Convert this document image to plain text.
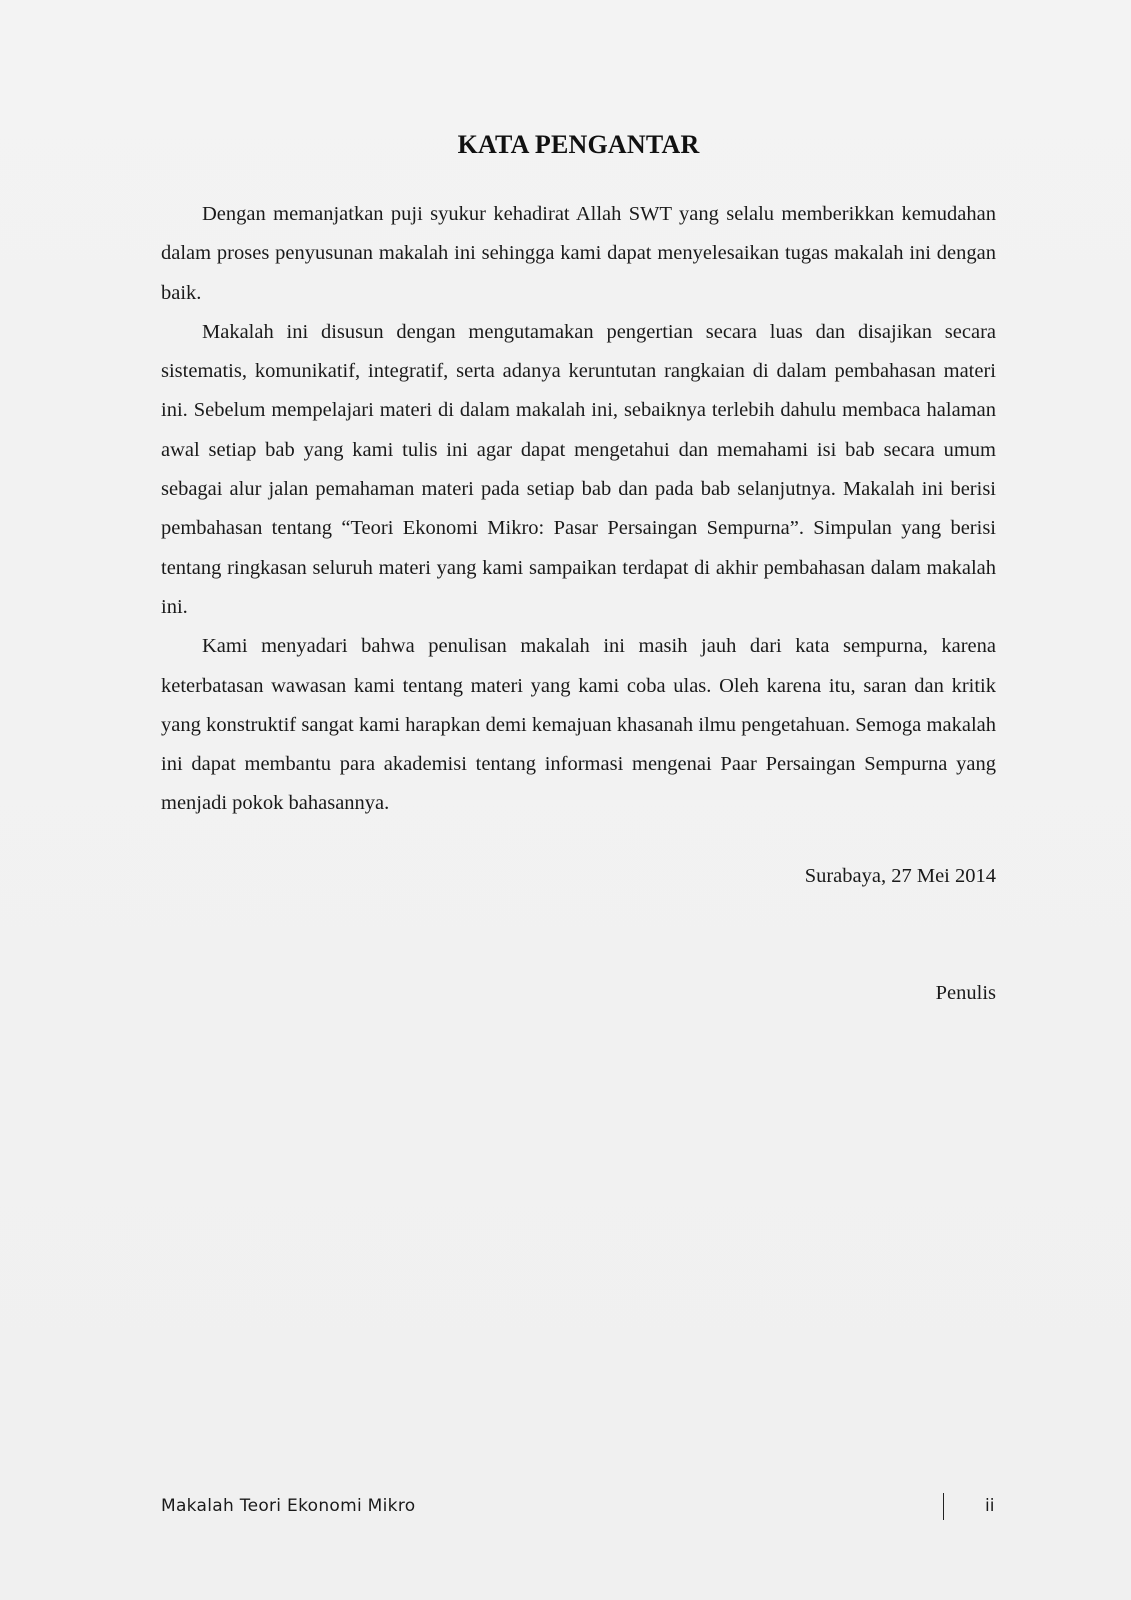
KATA PENGANTAR

Dengan memanjatkan puji syukur kehadirat Allah SWT yang selalu memberikkan kemudahan dalam proses penyusunan makalah ini sehingga kami dapat menyelesaikan tugas makalah ini dengan baik.

Makalah ini disusun dengan mengutamakan pengertian secara luas dan disajikan secara sistematis, komunikatif, integratif, serta adanya keruntutan rangkaian di dalam pembahasan materi ini. Sebelum mempelajari materi di dalam makalah ini, sebaiknya terlebih dahulu membaca halaman awal setiap bab yang kami tulis ini agar dapat mengetahui dan memahami isi bab secara umum sebagai alur jalan pemahaman materi pada setiap bab dan pada bab selanjutnya. Makalah ini berisi pembahasan tentang “Teori Ekonomi Mikro: Pasar Persaingan Sempurna”. Simpulan yang berisi tentang ringkasan seluruh materi yang kami sampaikan terdapat di akhir pembahasan dalam makalah ini.

Kami menyadari bahwa penulisan makalah ini masih jauh dari kata sempurna, karena keterbatasan wawasan kami tentang materi yang kami coba ulas. Oleh karena itu, saran dan kritik yang konstruktif sangat kami harapkan demi kemajuan khasanah ilmu pengetahuan. Semoga makalah ini dapat membantu para akademisi tentang informasi mengenai Paar Persaingan Sempurna yang menjadi pokok bahasannya.

Surabaya, 27 Mei 2014

Penulis

Makalah Teori Ekonomi Mikro	ii
